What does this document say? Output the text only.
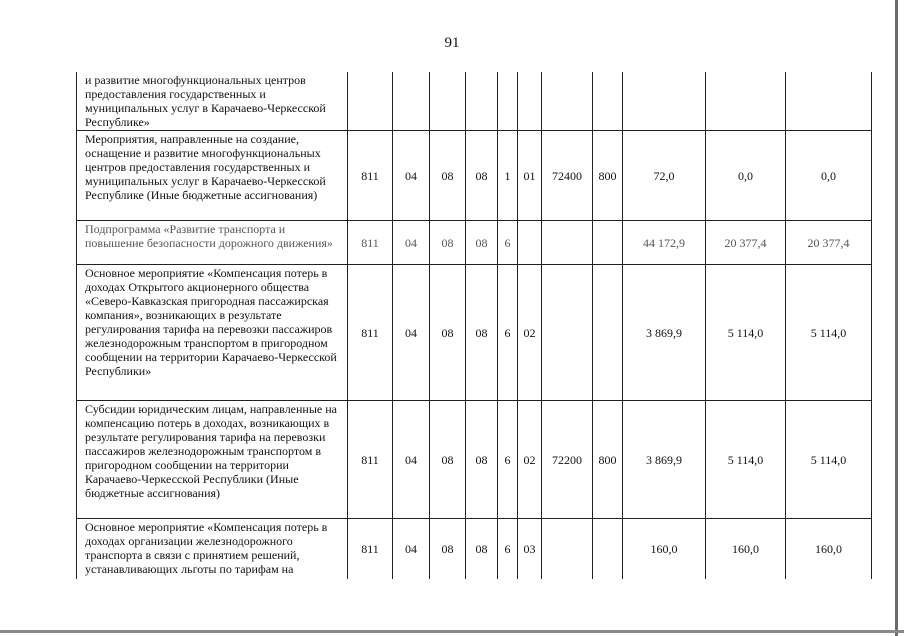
91
и развитие многофункциональных центров предоставления государственных и муниципальных услуг в Карачаево-Черкесской Республике»											
Мероприятия, направленные на создание, оснащение и развитие многофункциональных центров предоставления государственных и муниципальных услуг в Карачаево-Черкесской Республике (Иные бюджетные ассигнования)	811	04	08	08	1	01	72400	800	72,0	0,0	0,0
Подпрограмма «Развитие транспорта и повышение безопасности дорожного движения»	811	04	08	08	6				44 172,9	20 377,4	20 377,4
Основное мероприятие «Компенсация потерь в доходах Открытого акционерного общества «Северо-Кавказская пригородная пассажирская компания», возникающих в результате регулирования тарифа на перевозки пассажиров железнодорожным транспортом в пригородном сообщении на территории Карачаево-Черкесской Республики»	811	04	08	08	6	02			3 869,9	5 114,0	5 114,0
Субсидии юридическим лицам, направленные на компенсацию потерь в доходах, возникающих в результате регулирования тарифа на перевозки пассажиров железнодорожным транспортом в пригородном сообщении на территории Карачаево-Черкесской Республики (Иные бюджетные ассигнования)	811	04	08	08	6	02	72200	800	3 869,9	5 114,0	5 114,0
Основное мероприятие «Компенсация потерь в доходах организации железнодорожного транспорта в связи с принятием решений, устанавливающих льготы по тарифам на	811	04	08	08	6	03			160,0	160,0	160,0
